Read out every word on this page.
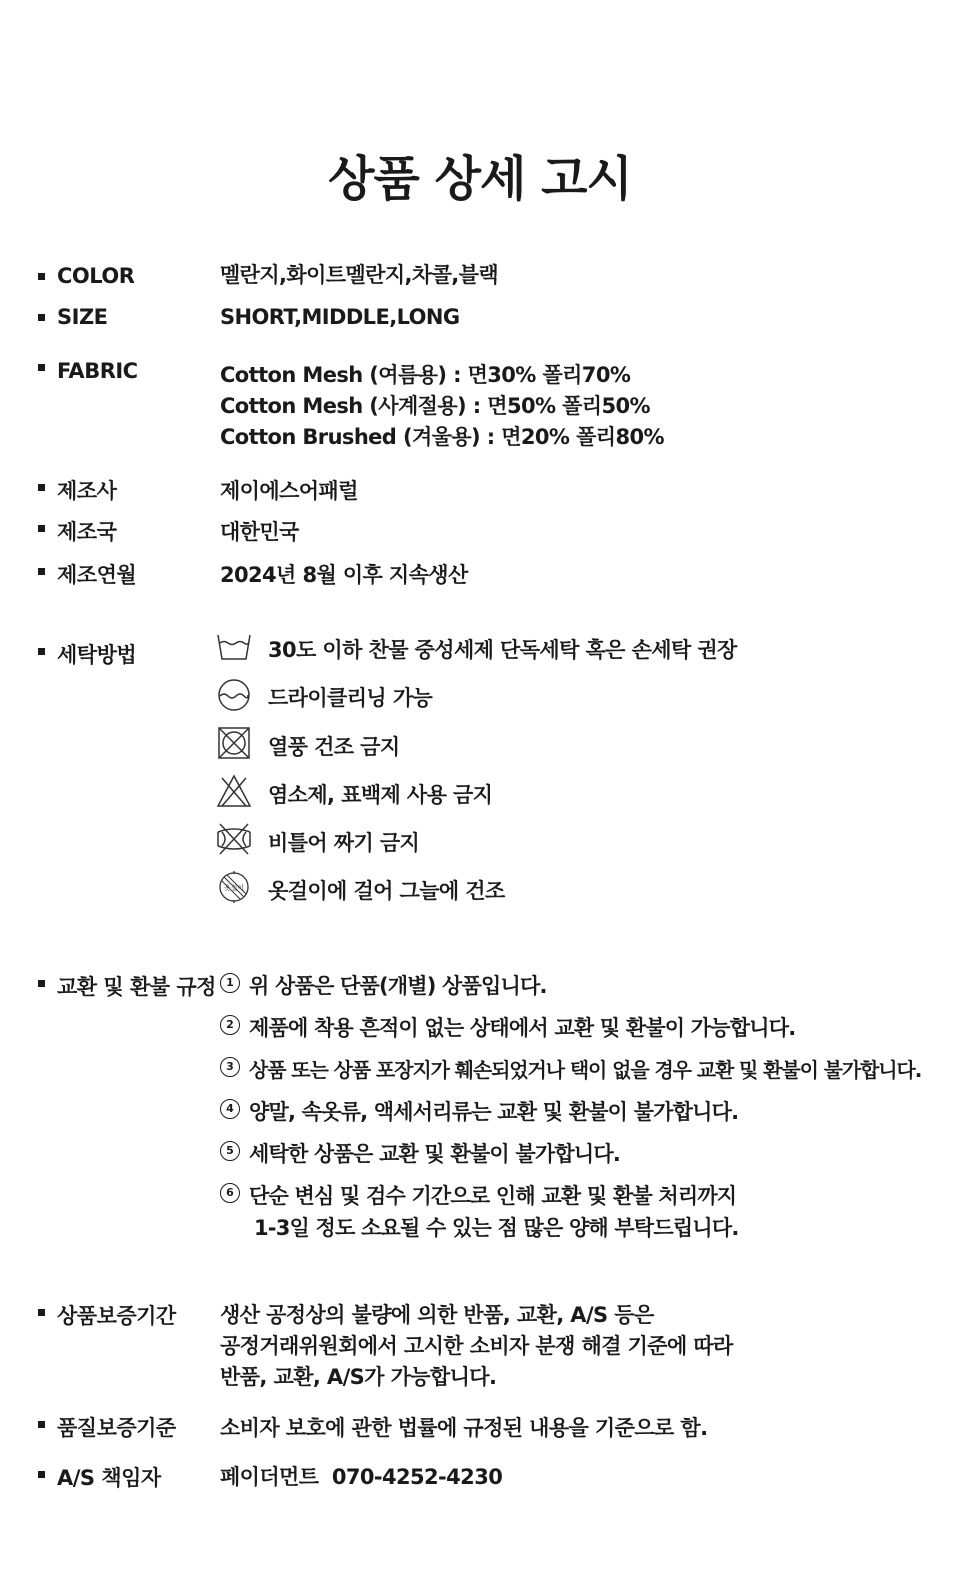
상품 상세 고시
COLOR	멜란지,화이트멜란지,차콜,블랙
SIZE	SHORT,MIDDLE,LONG
FABRIC	Cotton Mesh (여름용) : 면30% 폴리70%
Cotton Mesh (사계절용) : 면50% 폴리50%
Cotton Brushed (겨울용) : 면20% 폴리80%
제조사	제이에스어패럴
제조국	대한민국
제조연월	2024년 8월 이후 지속생산
세탁방법	30도 이하 찬물 중성세제 단독세탁 혹은 손세탁 권장
드라이클리닝 가능
열풍 건조 금지
염소제, 표백제 사용 금지
비틀어 짜기 금지
옷걸이 옷걸이에 걸어 그늘에 건조
교환 및 환불 규정 1 위 상품은 단품(개별) 상품입니다.
2 제품에 착용 흔적이 없는 상태에서 교환 및 환불이 가능합니다.
3 상품 또는 상품 포장지가 훼손되었거나 택이 없을 경우 교환 및 환불이 불가합니다.
4 양말, 속옷류, 액세서리류는 교환 및 환불이 불가합니다.
5 세탁한 상품은 교환 및 환불이 불가합니다.
6 단순 변심 및 검수 기간으로 인해 교환 및 환불 처리까지
1-3일 정도 소요될 수 있는 점 많은 양해 부탁드립니다.
상품보증기간 생산 공정상의 불량에 의한 반품, 교환, A/S 등은
공정거래위원회에서 고시한 소비자 분쟁 해결 기준에 따라
반품, 교환, A/S가 가능합니다.
품질보증기준 소비자 보호에 관한 법률에 규정된 내용을 기준으로 함.
A/S 책임자	페이더먼트  070-4252-4230
